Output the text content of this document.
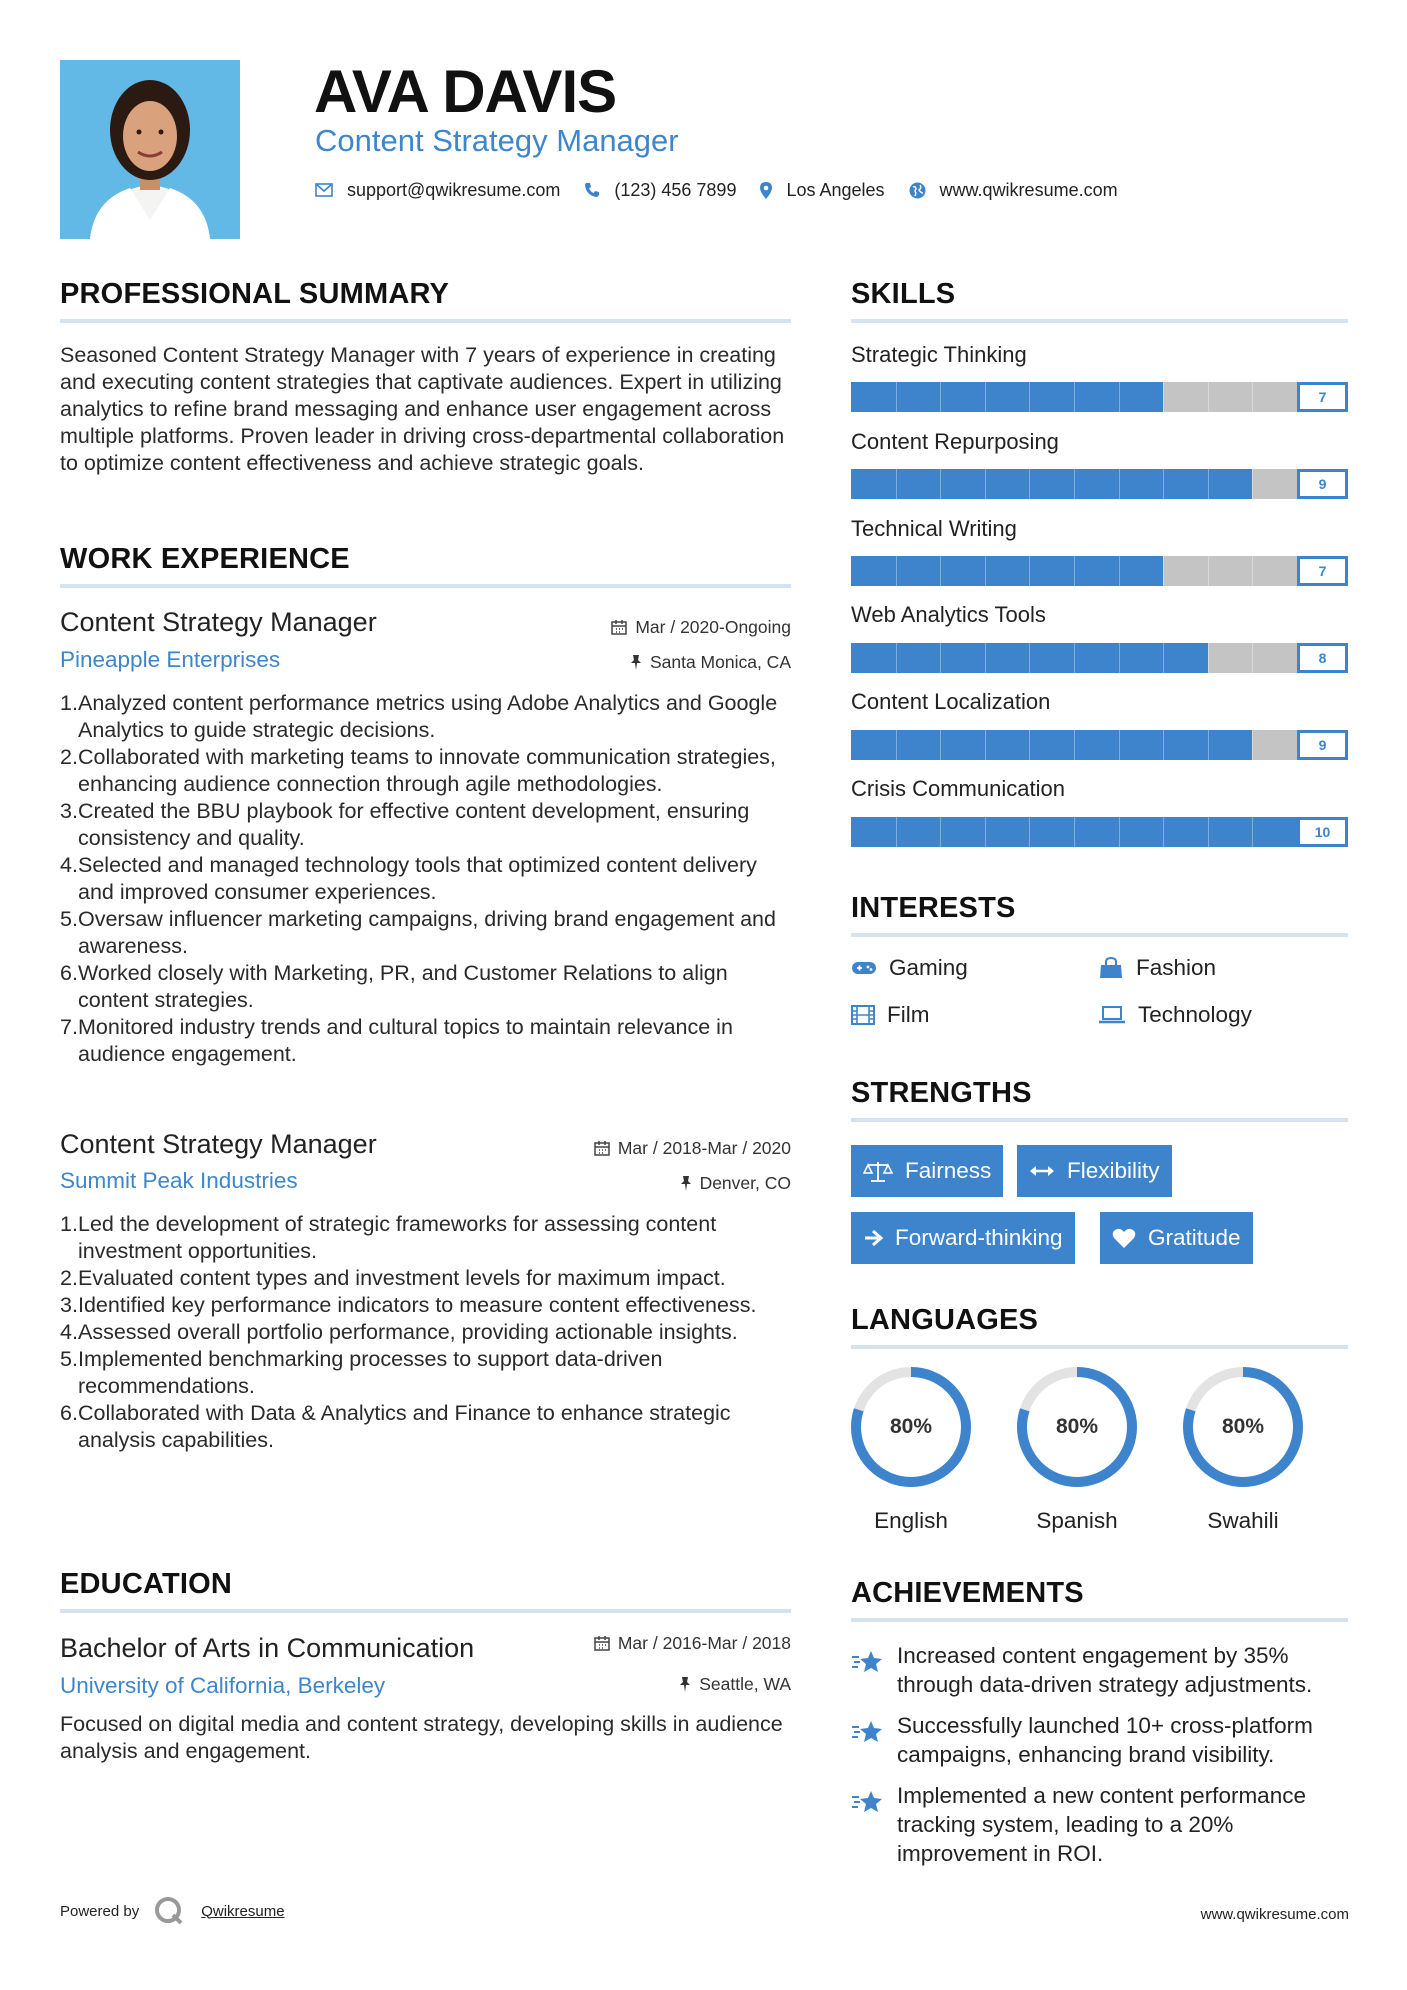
AVA DAVIS
Content Strategy Manager
support@qwikresume.com	(123) 456 7899	Los Angeles	www.qwikresume.com
PROFESSIONAL SUMMARY
Seasoned Content Strategy Manager with 7 years of experience in creating and executing content strategies that captivate audiences. Expert in utilizing analytics to refine brand messaging and enhance user engagement across multiple platforms. Proven leader in driving cross-departmental collaboration to optimize content effectiveness and achieve strategic goals.
WORK EXPERIENCE
Content Strategy Manager
Pineapple Enterprises
Mar / 2020-Ongoing
Santa Monica, CA
1. Analyzed content performance metrics using Adobe Analytics and Google Analytics to guide strategic decisions.
2. Collaborated with marketing teams to innovate communication strategies, enhancing audience connection through agile methodologies.
3. Created the BBU playbook for effective content development, ensuring consistency and quality.
4. Selected and managed technology tools that optimized content delivery and improved consumer experiences.
5. Oversaw influencer marketing campaigns, driving brand engagement and awareness.
6. Worked closely with Marketing, PR, and Customer Relations to align content strategies.
7. Monitored industry trends and cultural topics to maintain relevance in audience engagement.
Content Strategy Manager
Summit Peak Industries
Mar / 2018-Mar / 2020
Denver, CO
1. Led the development of strategic frameworks for assessing content investment opportunities.
2. Evaluated content types and investment levels for maximum impact.
3. Identified key performance indicators to measure content effectiveness.
4. Assessed overall portfolio performance, providing actionable insights.
5. Implemented benchmarking processes to support data-driven recommendations.
6. Collaborated with Data & Analytics and Finance to enhance strategic analysis capabilities.
EDUCATION
Bachelor of Arts in Communication
University of California, Berkeley
Mar / 2016-Mar / 2018
Seattle, WA
Focused on digital media and content strategy, developing skills in audience analysis and engagement.
SKILLS
Strategic Thinking
7
Content Repurposing
9
Technical Writing
7
Web Analytics Tools
8
Content Localization
9
Crisis Communication
10
INTERESTS
Gaming	Fashion
Film	Technology
STRENGTHS
Fairness	Flexibility
Forward-thinking	Gratitude
LANGUAGES
80%
English
80%
Spanish
80%
Swahili
ACHIEVEMENTS
Increased content engagement by 35% through data-driven strategy adjustments.
Successfully launched 10+ cross-platform campaigns, enhancing brand visibility.
Implemented a new content performance tracking system, leading to a 20% improvement in ROI.
Powered by	Qwikresume	www.qwikresume.com
